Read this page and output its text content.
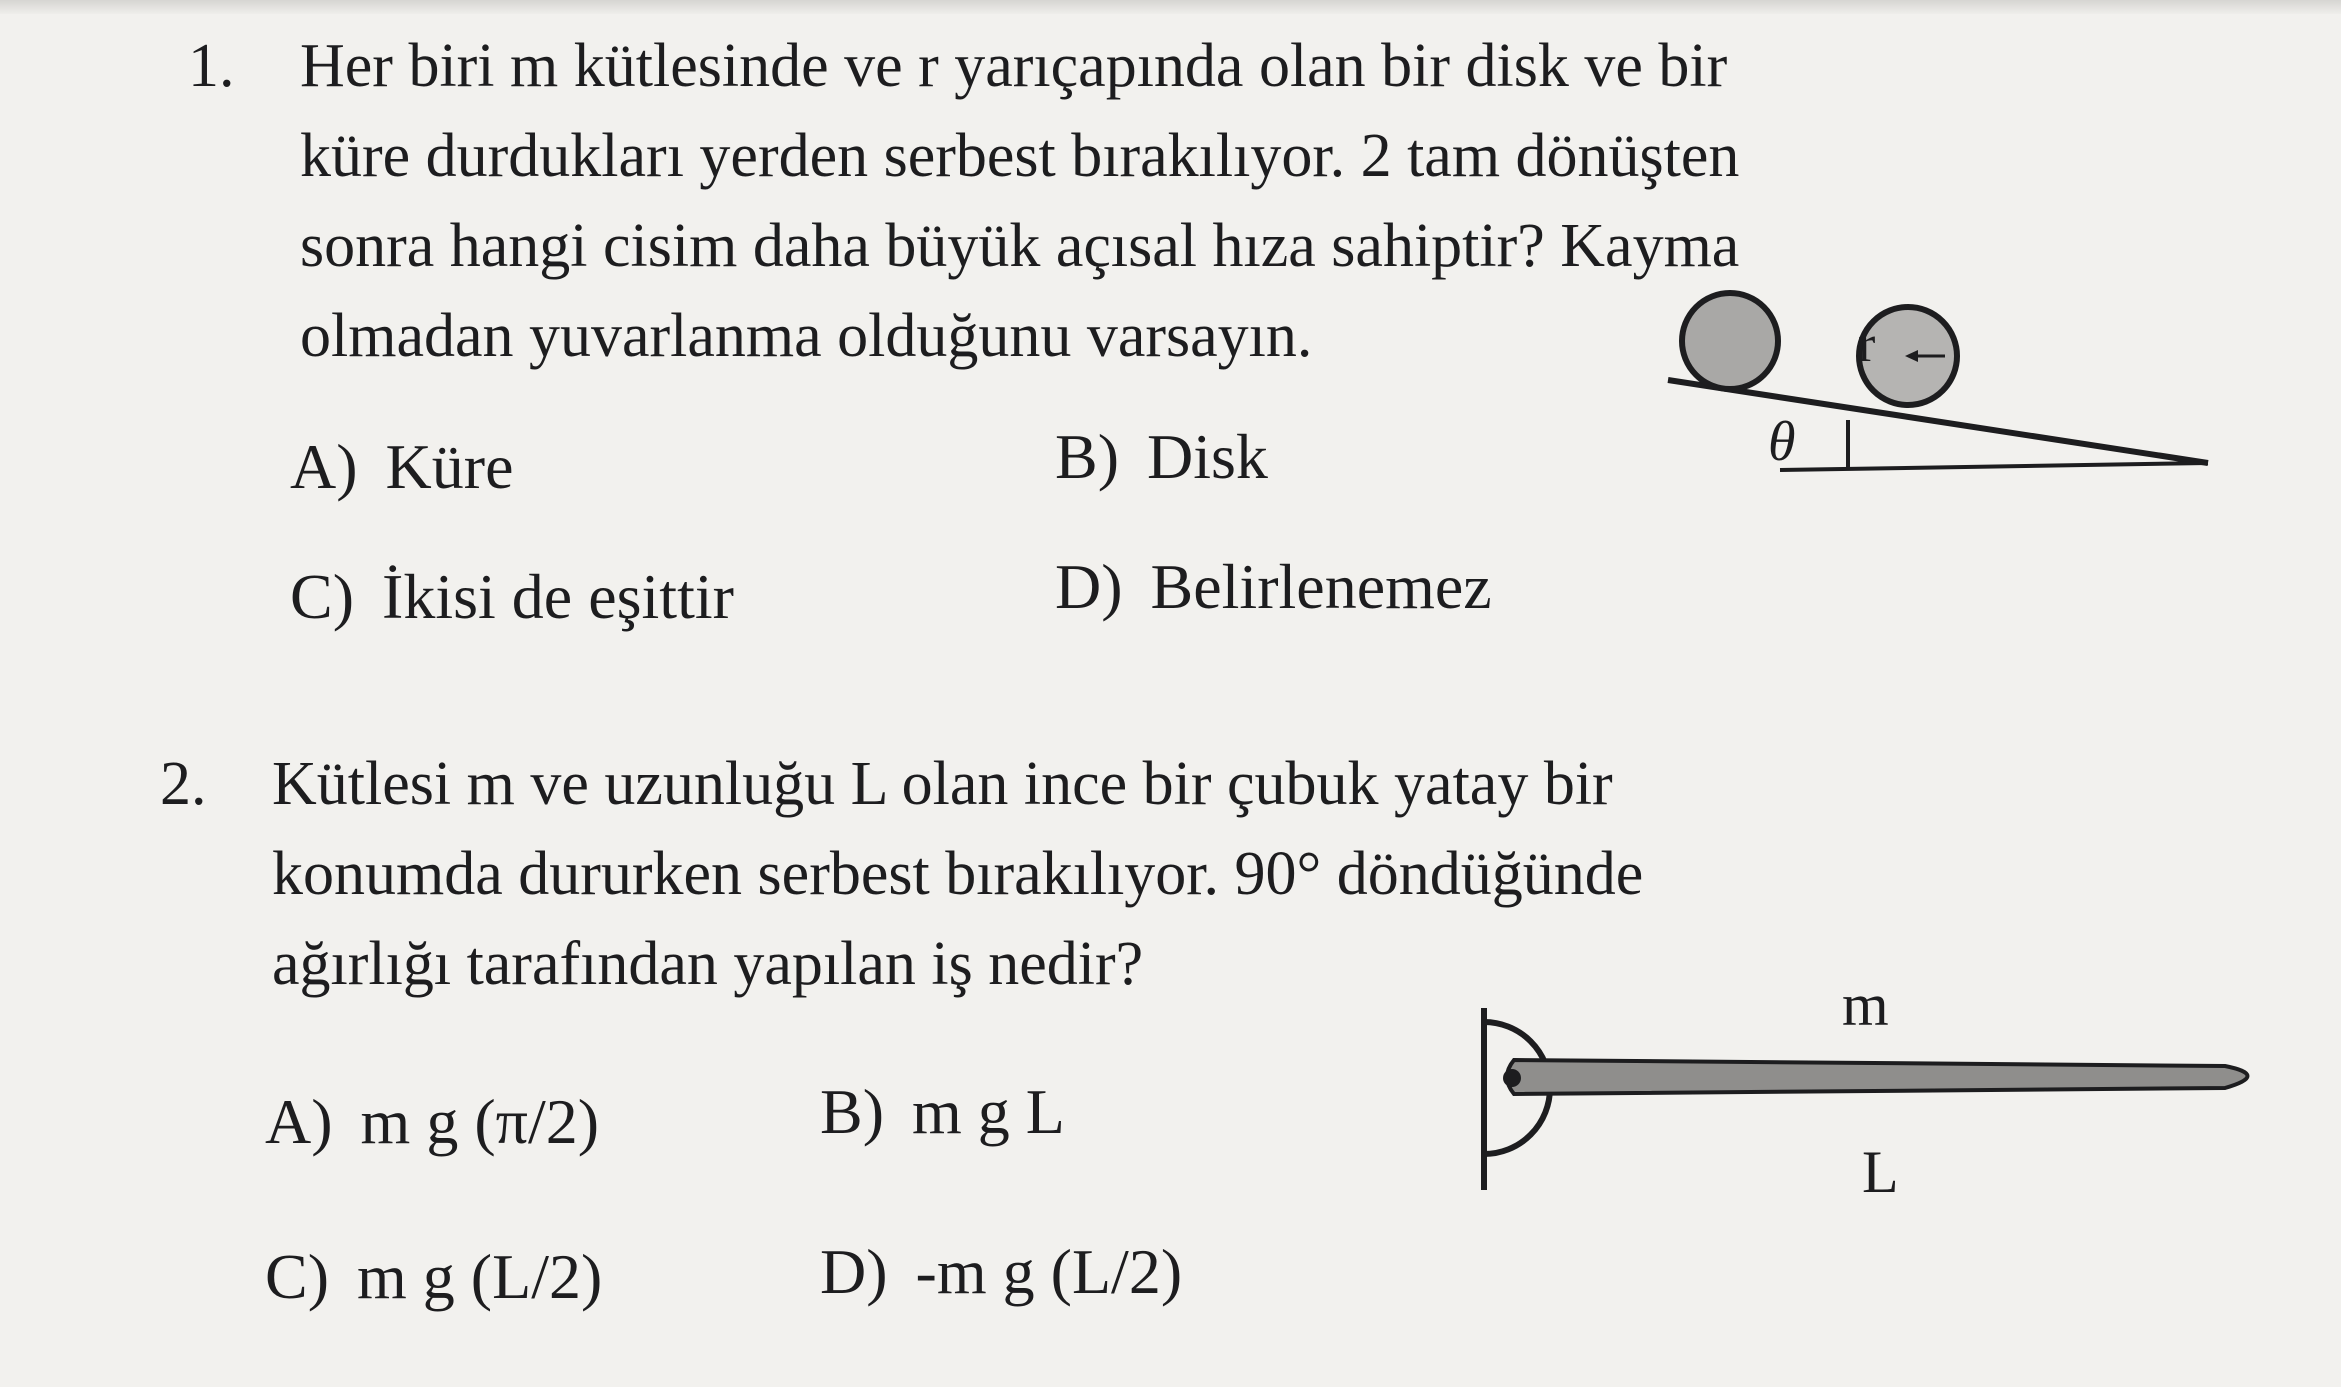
1. Her biri m kütlesinde ve r yarıçapında olan bir disk ve bir
küre durdukları yerden serbest bırakılıyor. 2 tam dönüşten
sonra hangi cisim daha büyük açısal hıza sahiptir? Kayma
olmadan yuvarlanma olduğunu varsayın.
A) Küre	B) Disk
C) İkisi de eşittir	D) Belirlenemez
r
θ
2. Kütlesi m ve uzunluğu L olan ince bir çubuk yatay bir
konumda dururken serbest bırakılıyor. 90° döndüğünde
ağırlığı tarafından yapılan iş nedir?
A) m g (π/2)	B) m g L
C) m g (L/2)	D) -m g (L/2)
m
L
